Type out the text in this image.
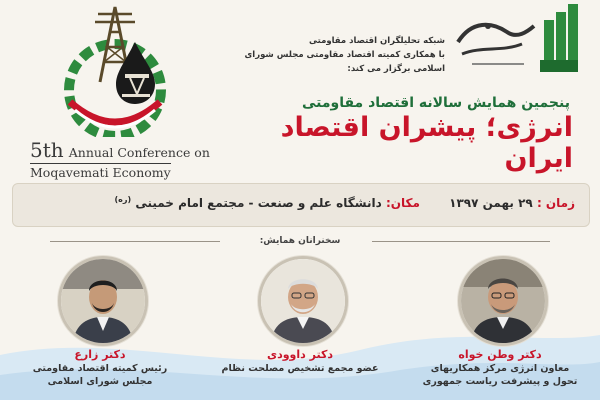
5th Annual Conference on
Moqavemati Economy
شبکه تحلیلگران اقتصاد مقاومتی
با همکاری کمیته اقتصاد مقاومتی مجلس شورای اسلامی برگزار می کند:
پنجمین همایش سالانه اقتصاد مقاومتی
انرژی؛ پیشران اقتصاد ایران
زمان : ۲۹ بهمن ۱۳۹۷       مکان: دانشگاه علم و صنعت - مجتمع امام خمینی $^{(ره)}$
سخنرانان همایش:
دکتر زارع
رئیس کمیته اقتصاد مقاومتی
مجلس شورای اسلامی
دکتر داوودی
عضو مجمع تشخیص مصلحت نظام
دکتر وطن خواه
معاون انرژی مرکز همکاریهای
تحول و پیشرفت ریاست جمهوری
